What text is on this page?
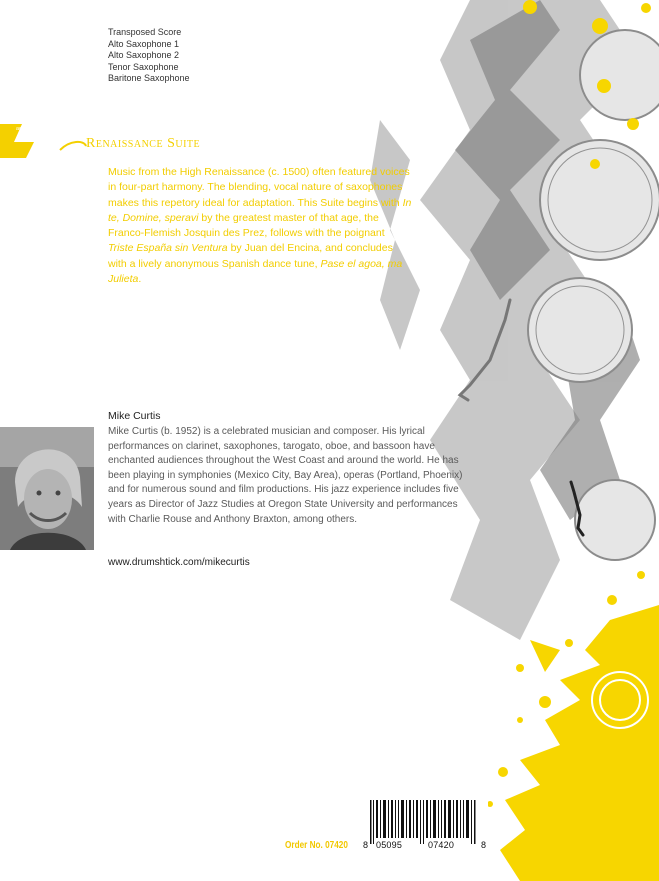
advance music
Transposed Score
Alto Saxophone 1
Alto Saxophone 2
Tenor Saxophone
Baritone Saxophone
Renaissance Suite
Music from the High Renaissance (c. 1500) often featured voices in four-part harmony. The blending, vocal nature of saxophones makes this repetory ideal for adaptation. This Suite begins with In te, Domine, speravi by the greatest master of that age, the Franco-Flemish Josquin des Prez, follows with the poignant Triste España sin Ventura by Juan del Encina, and concludes with a lively anonymous Spanish dance tune, Pase el agoa, ma Julieta.
Mike Curtis
Mike Curtis (b. 1952) is a celebrated musician and composer. His lyrical performances on clarinet, saxophones, tarogato, oboe, and bassoon have enchanted audiences throughout the West Coast and around the world. He has been playing in symphonies (Mexico City, Bay Area), operas (Portland, Phoenix) and for numerous sound and film productions. His jazz experience includes five years as Director of Jazz Studies at Oregon State University and performances with Charlie Rouse and Anthony Braxton, among others.
www.drumshtick.com/mikecurtis
Order No. 07420 8 05095	07420	8
